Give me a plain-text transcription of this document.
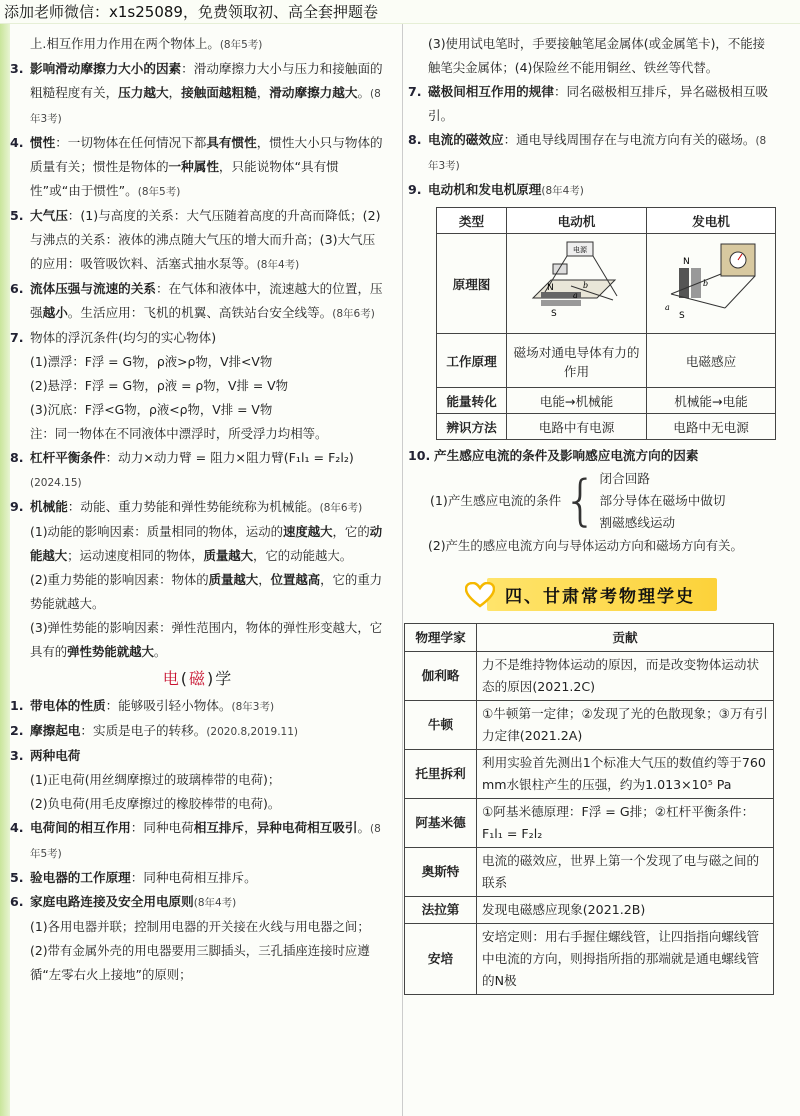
添加老师微信：x1s25089，免费领取初、高全套押题卷
上.相互作用力作用在两个物体上。(8年5考)
3. 影响滑动摩擦力大小的因素：滑动摩擦力大小与压力和接触面的粗糙程度有关，压力越大，接触面越粗糙，滑动摩擦力越大。(8年3考)
4. 惯性：一切物体在任何情况下都具有惯性，惯性大小只与物体的质量有关；惯性是物体的一种属性，只能说物体“具有惯性”或“由于惯性”。(8年5考)
5. 大气压：(1)与高度的关系：大气压随着高度的升高而降低；(2)与沸点的关系：液体的沸点随大气压的增大而升高；(3)大气压的应用：吸管吸饮料、活塞式抽水泵等。(8年4考)
6. 流体压强与流速的关系：在气体和液体中，流速越大的位置，压强越小。生活应用：飞机的机翼、高铁站台安全线等。(8年6考)
7. 物体的浮沉条件(均匀的实心物体)
(1)漂浮：F浮 = G物，ρ液>ρ物，V排<V物
(2)悬浮：F浮 = G物，ρ液 = ρ物，V排 = V物
(3)沉底：F浮<G物，ρ液<ρ物，V排 = V物
注：同一物体在不同液体中漂浮时，所受浮力均相等。
8. 杠杆平衡条件：动力×动力臂 = 阻力×阻力臂(F₁l₁ = F₂l₂)(2024.15)
9. 机械能：动能、重力势能和弹性势能统称为机械能。(8年6考)
(1)动能的影响因素：质量相同的物体，运动的速度越大，它的动能越大；运动速度相同的物体，质量越大，它的动能越大。
(2)重力势能的影响因素：物体的质量越大，位置越高，它的重力势能就越大。
(3)弹性势能的影响因素：弹性范围内，物体的弹性形变越大，它具有的弹性势能就越大。
电(磁)学
1. 带电体的性质：能够吸引轻小物体。(8年3考)
2. 摩擦起电：实质是电子的转移。(2020.8,2019.11)
3. 两种电荷
(1)正电荷(用丝绸摩擦过的玻璃棒带的电荷)；
(2)负电荷(用毛皮摩擦过的橡胶棒带的电荷)。
4. 电荷间的相互作用：同种电荷相互排斥，异种电荷相互吸引。(8年5考)
5. 验电器的工作原理：同种电荷相互排斥。
6. 家庭电路连接及安全用电原则(8年4考)
(1)各用电器并联；控制用电器的开关接在火线与用电器之间；(2)带有金属外壳的用电器要用三脚插头，三孔插座连接时应遵循“左零右火上接地”的原则；
(3)使用试电笔时，手要接触笔尾金属体(或金属笔卡)，不能接触笔尖金属体；(4)保险丝不能用铜丝、铁丝等代替。
7. 磁极间相互作用的规律：同名磁极相互排斥，异名磁极相互吸引。
8. 电流的磁效应：通电导线周围存在与电流方向有关的磁场。(8年3考)
9. 电动机和发电机原理(8年4考)
类型	电动机	发电机
原理图	电源
N
S
a
b	N
S
a
b

工作原理	磁场对通电导体有力的作用	电磁感应
能量转化	电能→机械能	机械能→电能
辨识方法	电路中有电源	电路中无电源
10. 产生感应电流的条件及影响感应电流方向的因素
(1)产生感应电流的条件 { 闭合回路
部分导体在磁场中做切
割磁感线运动
(2)产生的感应电流方向与导体运动方向和磁场方向有关。
四、甘肃常考物理学史
物理学家	贡献
伽利略	力不是维持物体运动的原因，而是改变物体运动状态的原因(2021.2C)
牛顿	①牛顿第一定律；②发现了光的色散现象；③万有引力定律(2021.2A)
托里拆利	利用实验首先测出1个标准大气压的数值约等于760 mm水银柱产生的压强，约为1.013×10⁵ Pa
阿基米德	①阿基米德原理：F浮 = G排；②杠杆平衡条件：F₁l₁ = F₂l₂
奥斯特	电流的磁效应，世界上第一个发现了电与磁之间的联系
法拉第	发现电磁感应现象(2021.2B)
安培	安培定则：用右手握住螺线管，让四指指向螺线管中电流的方向，则拇指所指的那端就是通电螺线管的N极
